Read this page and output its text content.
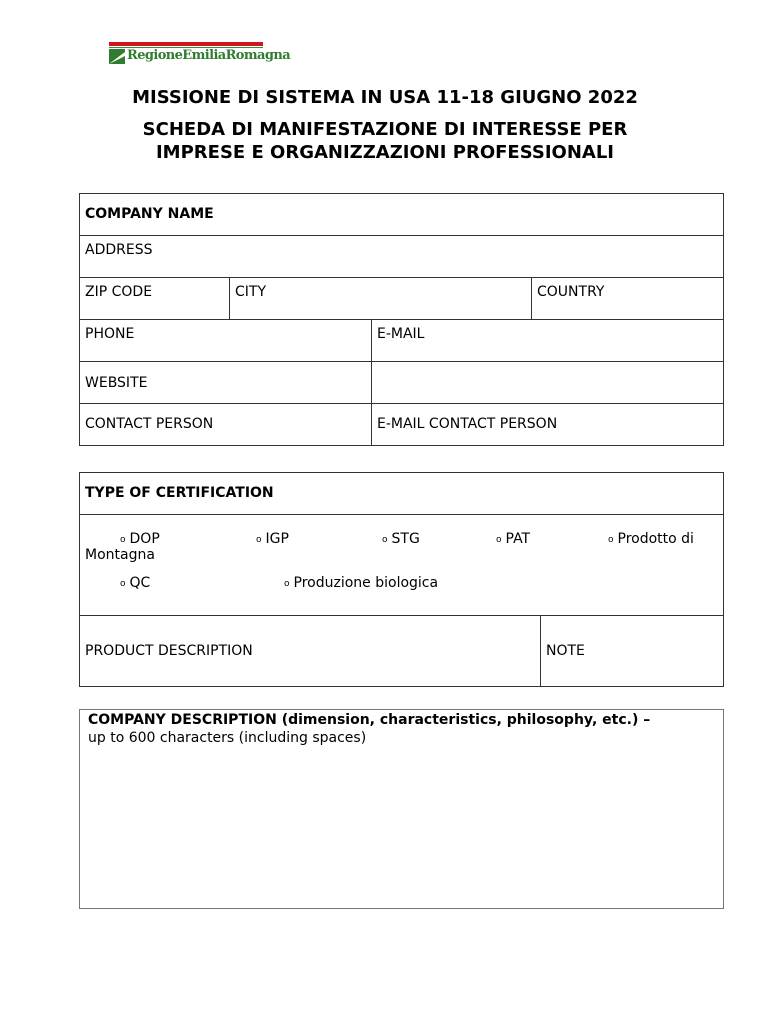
RegioneEmiliaRomagna
MISSIONE DI SISTEMA IN USA 11-18 GIUGNO 2022
SCHEDA DI MANIFESTAZIONE DI INTERESSE PER
IMPRESE E ORGANIZZAZIONI PROFESSIONALI
COMPANY NAME
ADDRESS
ZIP CODE	CITY	COUNTRY
PHONE	E-MAIL
WEBSITE
CONTACT PERSON	E-MAIL CONTACT PERSON
TYPE OF CERTIFICATION
o DOP	o IGP	o STG	o PAT	o Prodotto di
Montagna
o QC	o Produzione biologica
PRODUCT DESCRIPTION	NOTE
COMPANY DESCRIPTION (dimension, characteristics, philosophy, etc.) –
up to 600 characters (including spaces)
